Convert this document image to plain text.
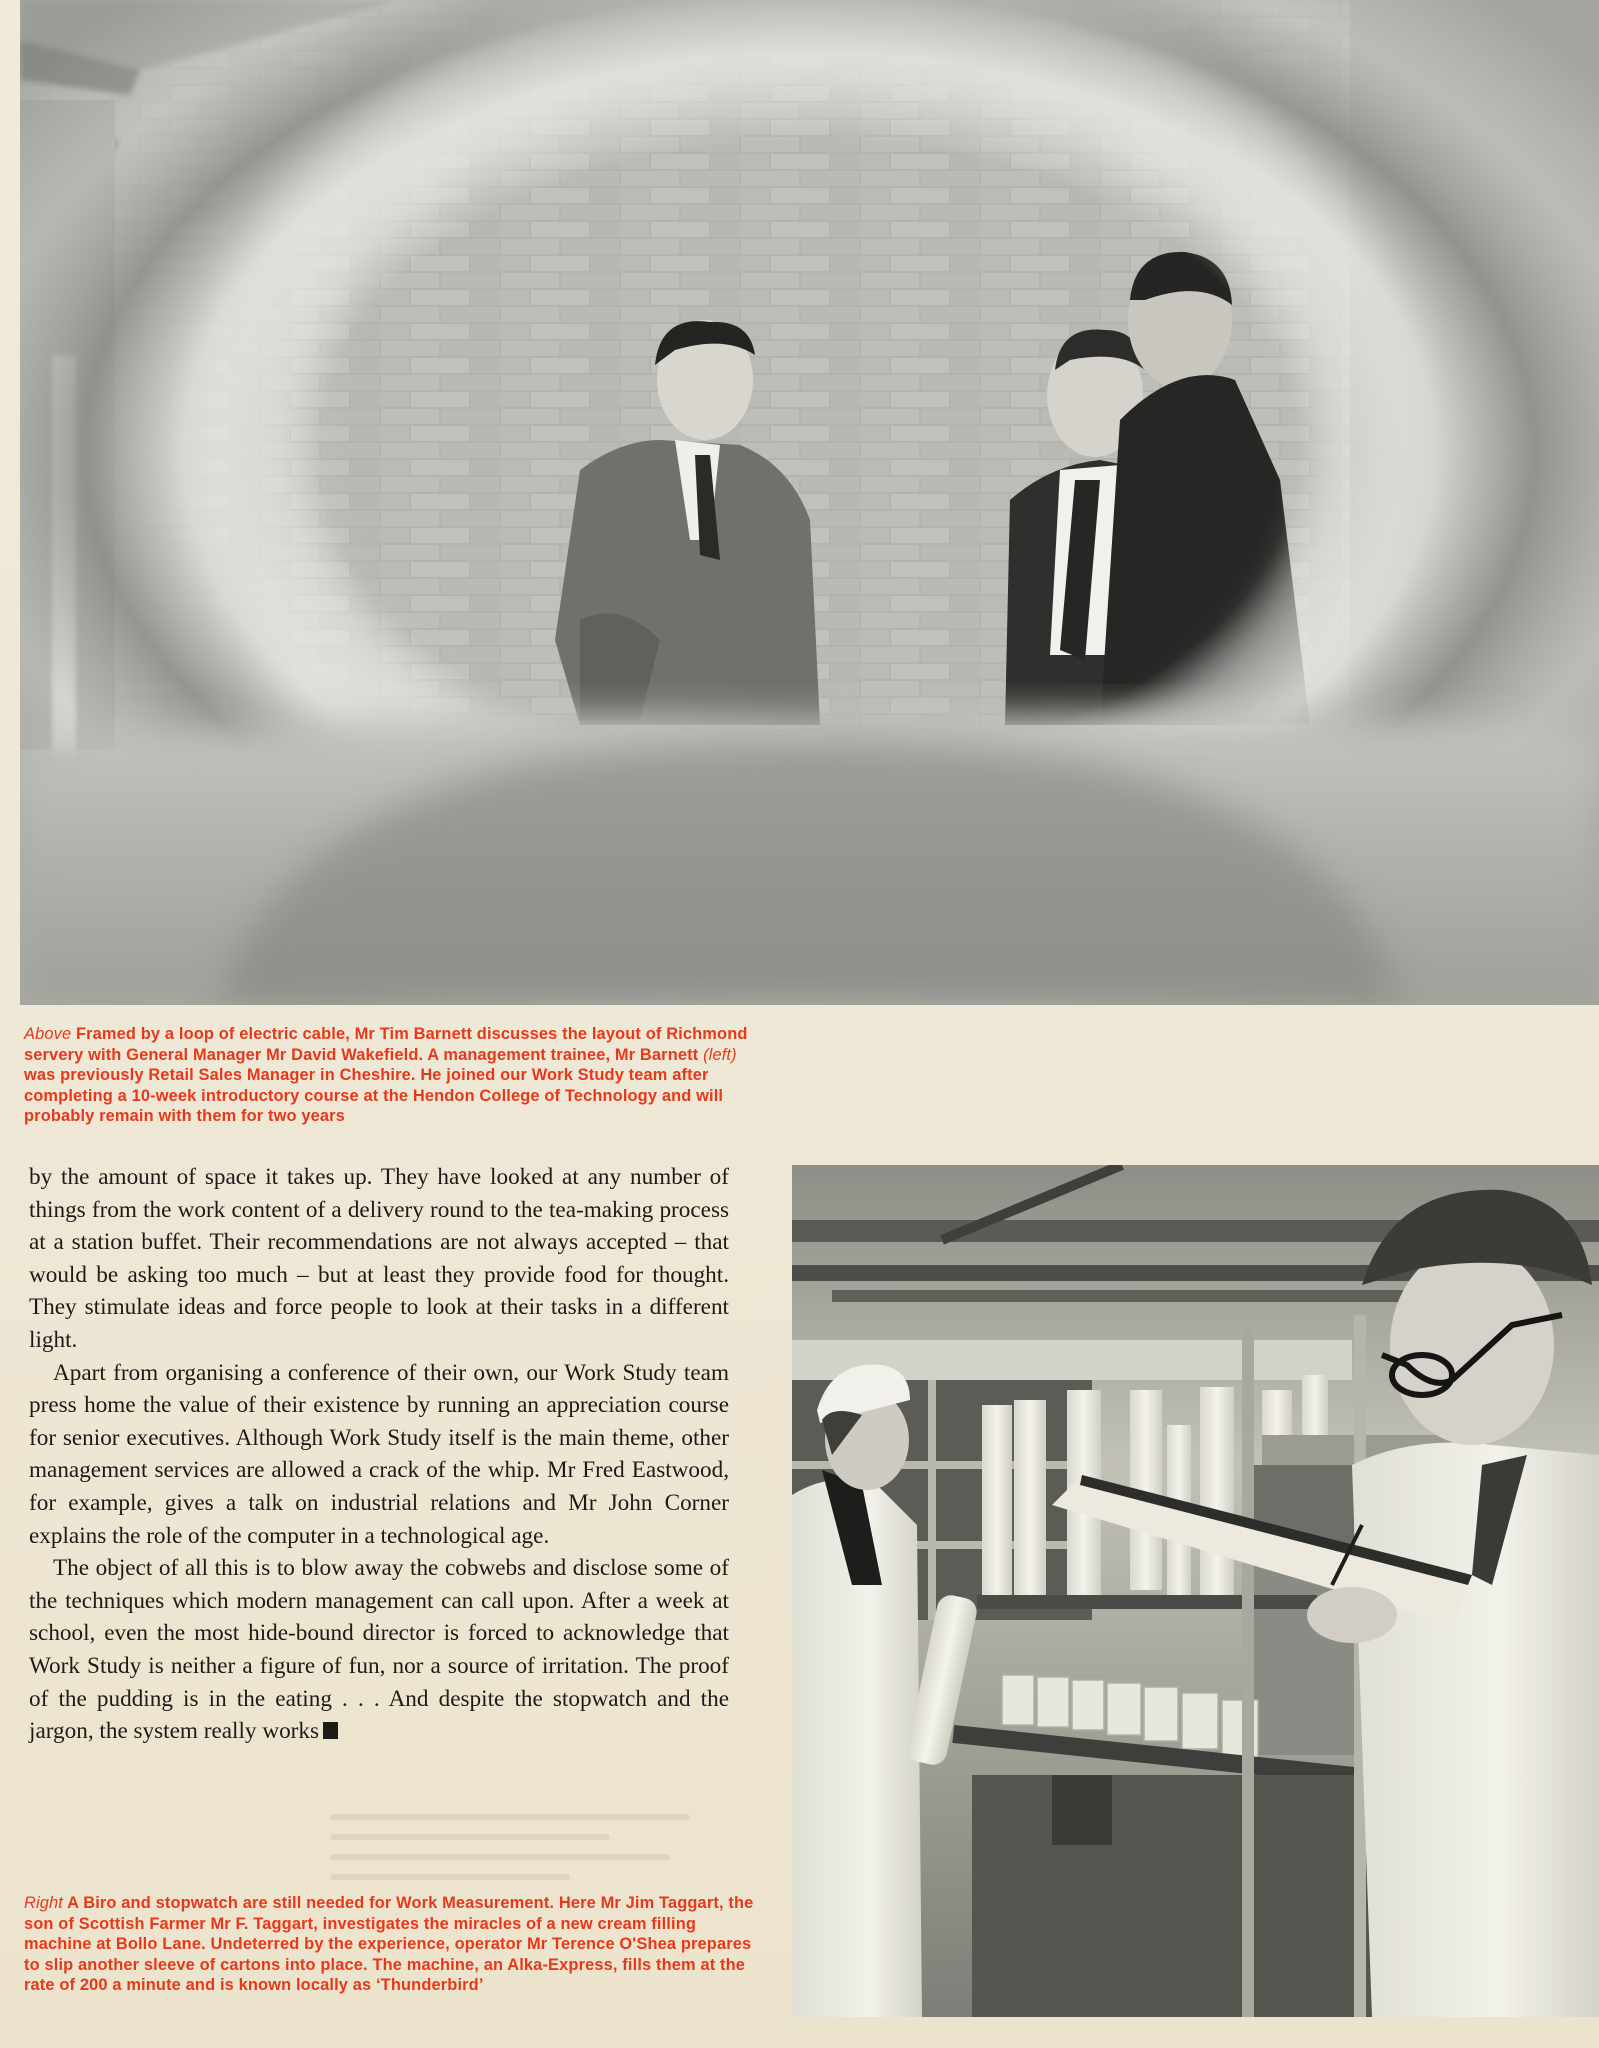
Above Framed by a loop of electric cable, Mr Tim Barnett discusses the layout of Richmond servery with General Manager Mr David Wakefield. A management trainee, Mr Barnett (left) was previously Retail Sales Manager in Cheshire. He joined our Work Study team after completing a 10-week introductory course at the Hendon College of Technology and will probably remain with them for two years

by the amount of space it takes up. They have looked at any number of things from the work content of a delivery round to the tea-making process at a station buffet. Their recommendations are not always accepted – that would be asking too much – but at least they provide food for thought. They stimulate ideas and force people to look at their tasks in a different light.

Apart from organising a conference of their own, our Work Study team press home the value of their existence by running an appreciation course for senior executives. Although Work Study itself is the main theme, other management services are allowed a crack of the whip. Mr Fred Eastwood, for example, gives a talk on industrial relations and Mr John Corner explains the role of the computer in a technological age.

The object of all this is to blow away the cobwebs and disclose some of the techniques which modern management can call upon. After a week at school, even the most hide-bound director is forced to acknowledge that Work Study is neither a figure of fun, nor a source of irritation. The proof of the pudding is in the eating . . . And despite the stopwatch and the jargon, the system really works

Right A Biro and stopwatch are still needed for Work Measurement. Here Mr Jim Taggart, the son of Scottish Farmer Mr F. Taggart, investigates the miracles of a new cream filling machine at Bollo Lane. Undeterred by the experience, operator Mr Terence O'Shea prepares to slip another sleeve of cartons into place. The machine, an Alka-Express, fills them at the rate of 200 a minute and is known locally as ‘Thunderbird’
